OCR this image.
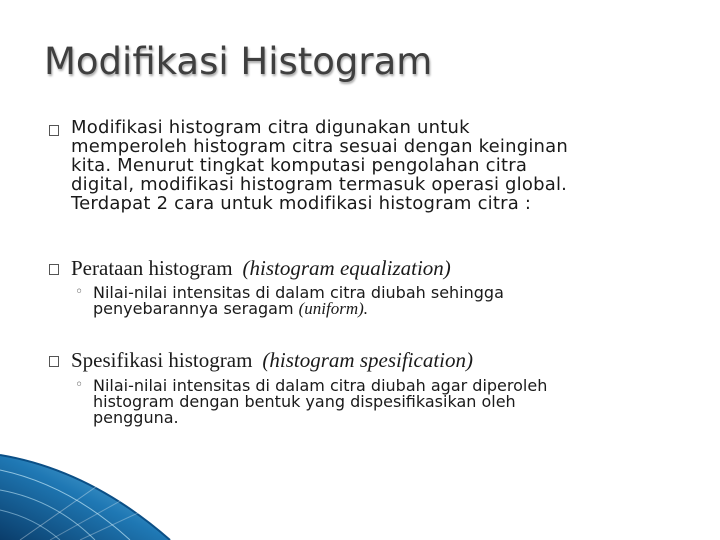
Modifikasi Histogram
Modifikasi histogram citra digunakan untuk
memperoleh histogram citra sesuai dengan keinginan
kita. Menurut tingkat komputasi pengolahan citra
digital, modifikasi histogram termasuk operasi global.
Terdapat 2 cara untuk modifikasi histogram citra :
Perataan histogram (histogram equalization)
◦ Nilai-nilai intensitas di dalam citra diubah sehingga
penyebarannya seragam (uniform).
Spesifikasi histogram (histogram spesification)
◦ Nilai-nilai intensitas di dalam citra diubah agar diperoleh
histogram dengan bentuk yang dispesifikasikan oleh
pengguna.
